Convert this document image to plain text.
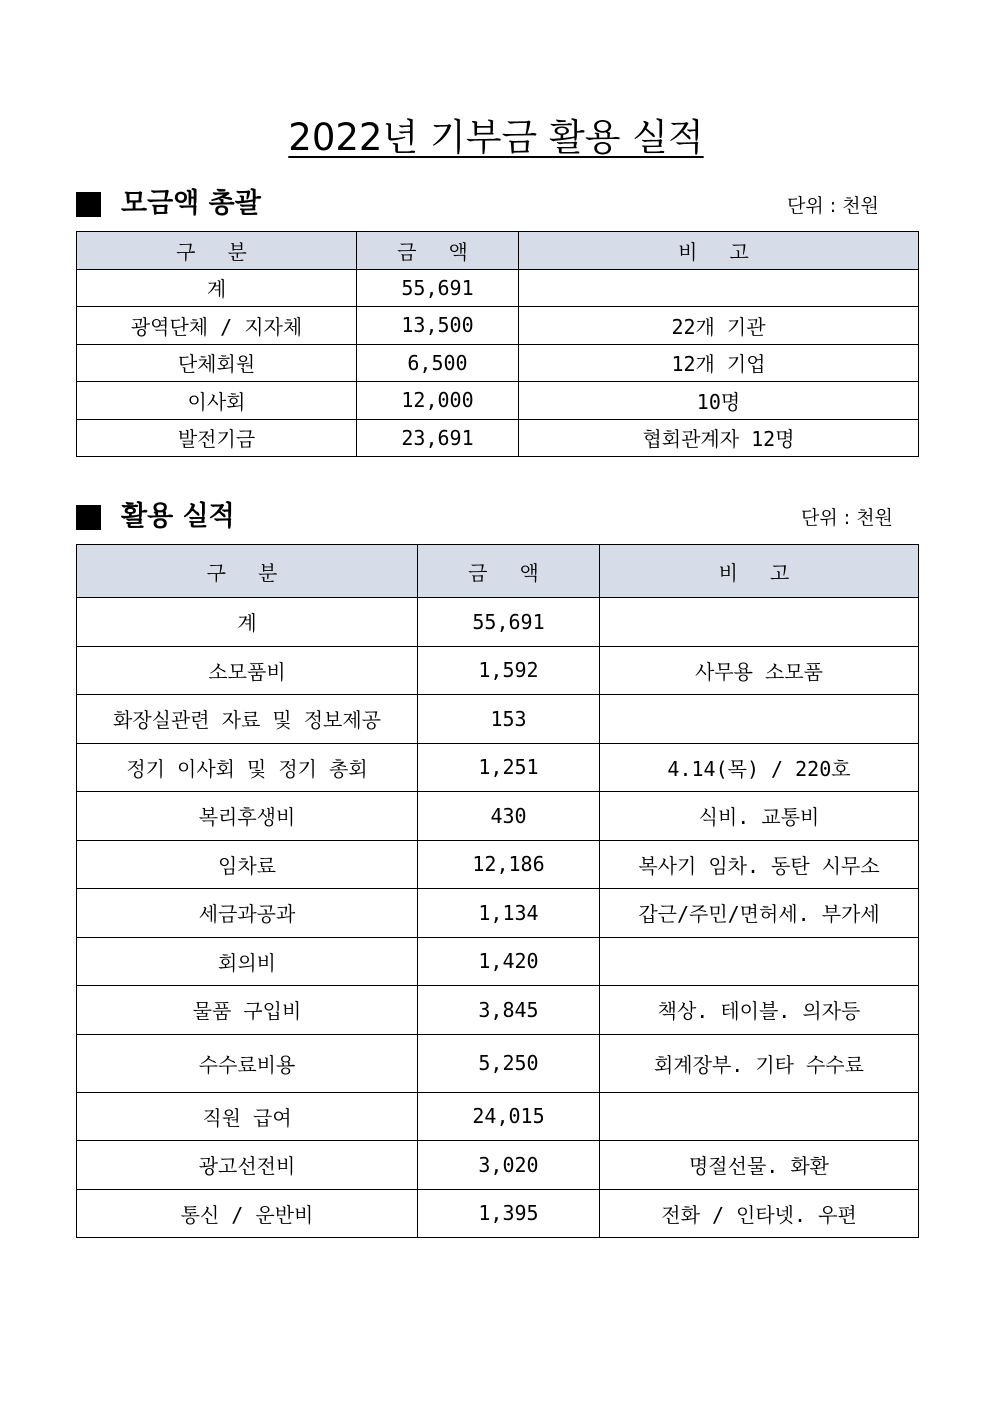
2022년 기부금 활용 실적
모금액 총괄	단위 : 천원
구 분	금 액	비 고
계	55,691	
광역단체 / 지자체	13,500	22개 기관
단체회원	6,500	12개 기업
이사회	12,000	10명
발전기금	23,691	협회관계자 12명
활용 실적	단위 : 천원
구 분	금 액	비 고
계	55,691	
소모품비	1,592	사무용 소모품
화장실관련 자료 및 정보제공	153	
정기 이사회 및 정기 총회	1,251	4.14(목) / 220호
복리후생비	430	식비. 교통비
임차료	12,186	복사기 임차. 동탄 시무소
세금과공과	1,134	갑근/주민/면허세. 부가세
회의비	1,420	
물품 구입비	3,845	책상. 테이블. 의자등
수수료비용	5,250	회계장부. 기타 수수료
직원 급여	24,015	
광고선전비	3,020	명절선물. 화환
통신 / 운반비	1,395	전화 / 인타넷. 우편
